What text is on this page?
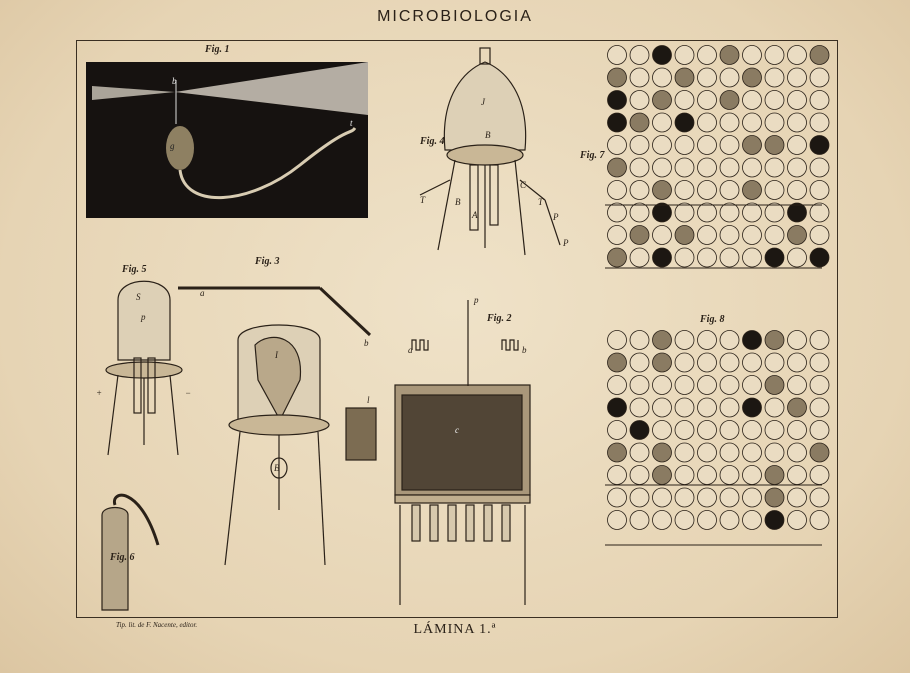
MICROBIOLOGIA
Fig. 1
b
g
t
Fig. 4
J
B
T	B
A
C
T
P
P
Fig. 5
S
p
+	−
Fig. 6
Fig. 3
a
b
I
B
Fig. 2
p
a	b
l
c
Fig. 7
Fig. 8
Tip. lit. de F. Nacente, editor.	LÁMINA 1.ª
